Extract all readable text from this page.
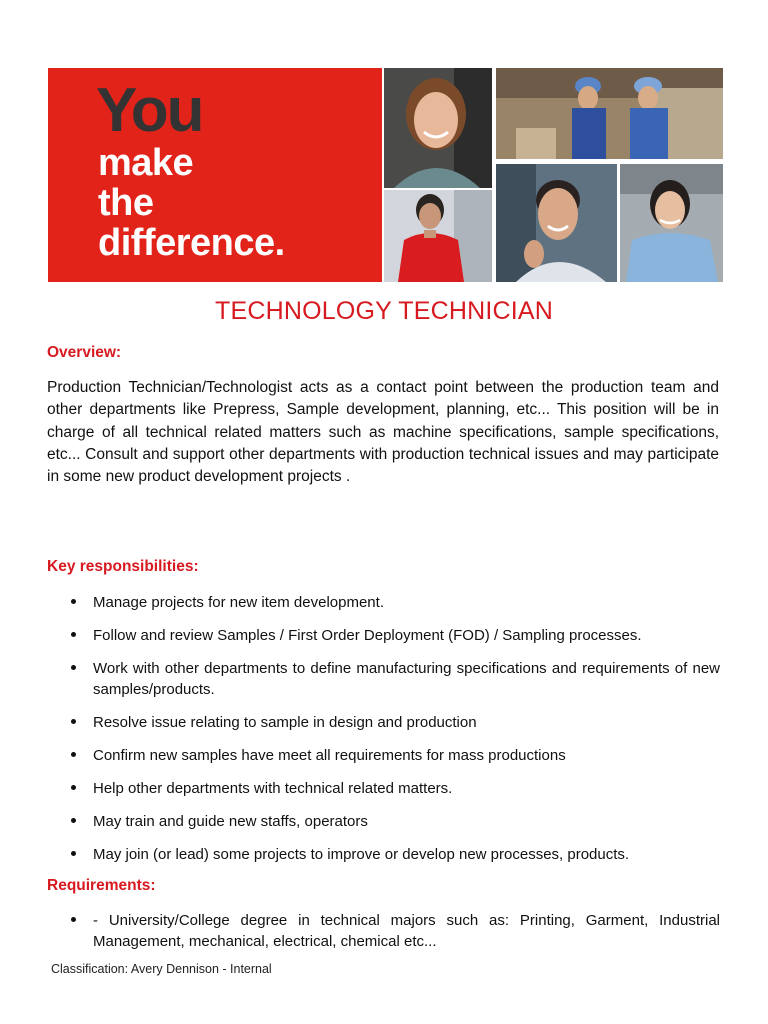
You
make
the
difference.
TECHNOLOGY TECHNICIAN
Overview:

Production Technician/Technologist acts as a contact point between the production team and other departments like Prepress, Sample development, planning, etc... This position will be in charge of all technical related matters such as machine specifications, sample specifications, etc... Consult and support other departments with production technical issues and may participate in some new product development projects .

Key responsibilities:
Manage projects for new item development.
Follow and review Samples / First Order Deployment (FOD) / Sampling processes.
Work with other departments to define manufacturing specifications and requirements of new samples/products.
Resolve issue relating to sample in design and production
Confirm new samples have meet all requirements for mass productions
Help other departments with technical related matters.
May train and guide new staffs, operators
May join (or lead) some projects to improve or develop new processes, products.
Requirements:
- University/College degree in technical majors such as: Printing, Garment, Industrial Management, mechanical, electrical, chemical etc...
Classification: Avery Dennison - Internal
